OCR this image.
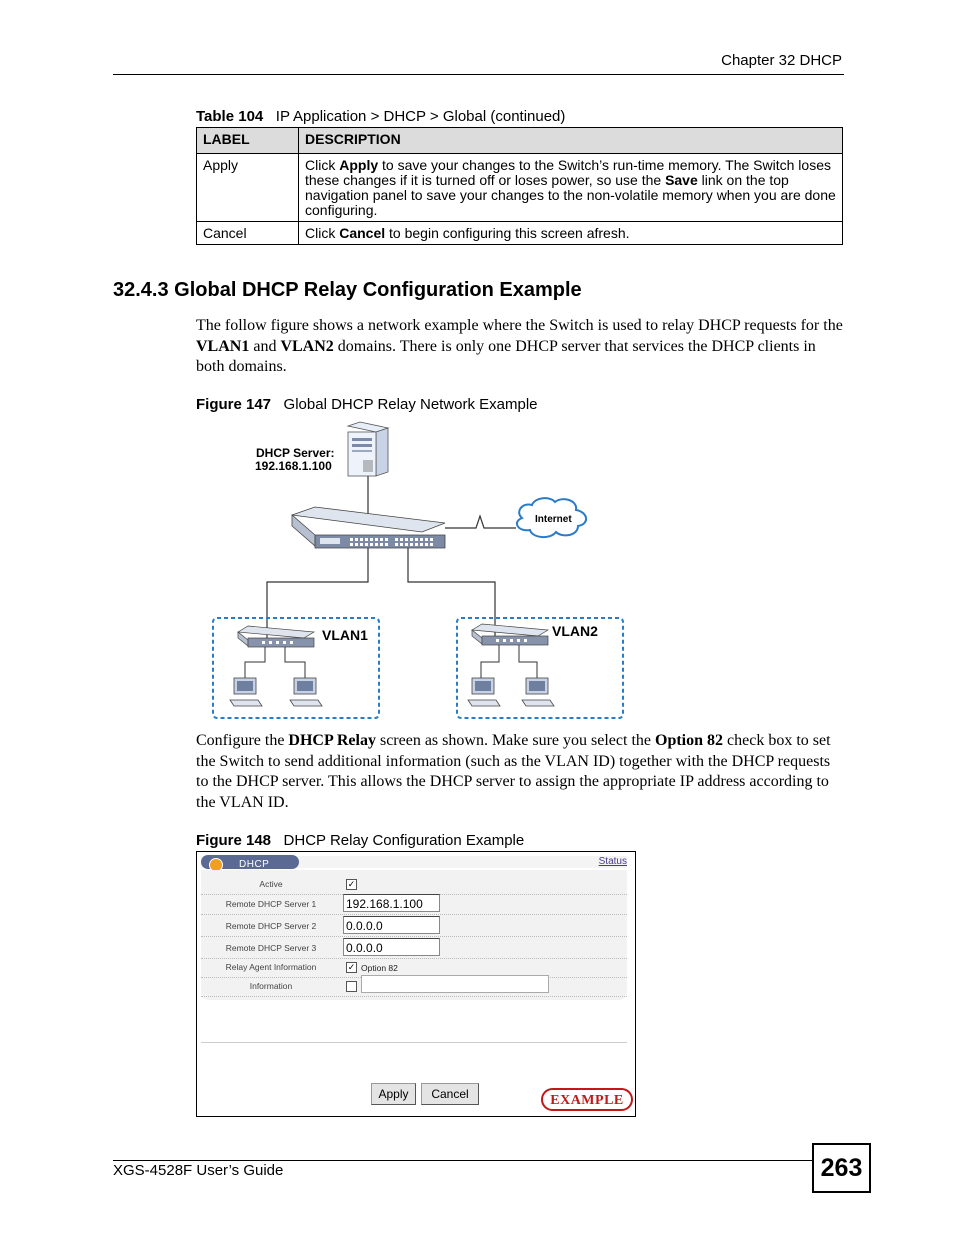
Chapter 32 DHCP
Table 104 IP Application > DHCP > Global (continued)
LABEL	DESCRIPTION
Apply	Click Apply to save your changes to the Switch’s run-time memory. The Switch loses these changes if it is turned off or loses power, so use the Save link on the top navigation panel to save your changes to the non-volatile memory when you are done configuring.
Cancel	Click Cancel to begin configuring this screen afresh.
32.4.3 Global DHCP Relay Configuration Example
The follow figure shows a network example where the Switch is used to relay DHCP requests for the VLAN1 and VLAN2 domains. There is only one DHCP server that services the DHCP clients in both domains.
Figure 147 Global DHCP Relay Network Example
DHCP Server:
192.168.1.100
Internet
VLAN1	VLAN2
Configure the DHCP Relay screen as shown. Make sure you select the Option 82 check box to set the Switch to send additional information (such as the VLAN ID) together with the DHCP requests to the DHCP server. This allows the DHCP server to assign the appropriate IP address according to the VLAN ID.
Figure 148 DHCP Relay Configuration Example
DHCP	Status
Active	✓
Remote DHCP Server 1	192.168.1.100
Remote DHCP Server 2	0.0.0.0
Remote DHCP Server 3	0.0.0.0
Relay Agent Information	✓ Option 82
Information
Apply	Cancel	EXAMPLE
XGS-4528F User’s Guide	263
